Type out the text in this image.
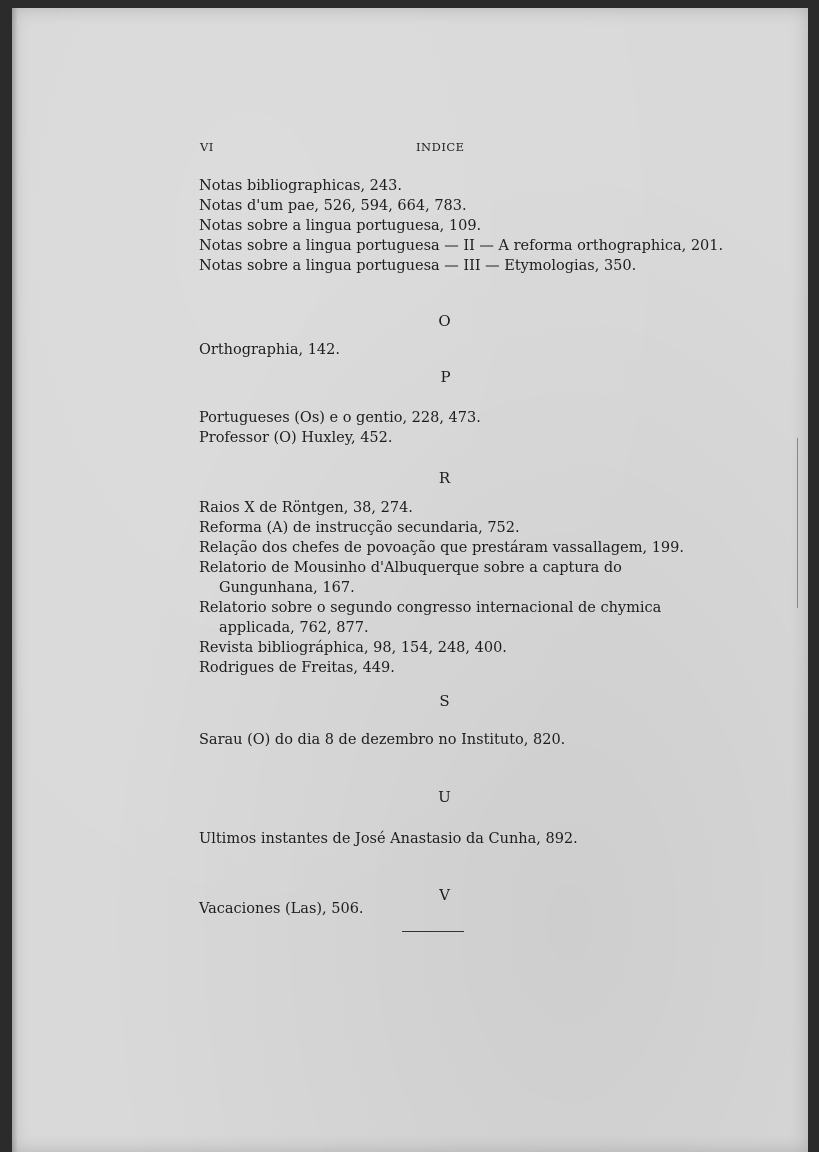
VI	INDICE
Notas bibliographicas, 243.
Notas d'um pae, 526, 594, 664, 783.
Notas sobre a lingua portuguesa, 109.
Notas sobre a lingua portuguesa — II — A reforma orthographica, 201.
Notas sobre a lingua portuguesa — III — Etymologias, 350.
O
Orthographia, 142.
P
Portugueses (Os) e o gentio, 228, 473.
Professor (O) Huxley, 452.
R
Raios X de Röntgen, 38, 274.
Reforma (A) de instrucção secundaria, 752.
Relação dos chefes de povoação que prestáram vassallagem, 199.
Relatorio de Mousinho d'Albuquerque sobre a captura do Gungunhana, 167.
Relatorio sobre o segundo congresso internacional de chymica applicada, 762, 877.
Revista bibliográphica, 98, 154, 248, 400.
Rodrigues de Freitas, 449.
S
Sarau (O) do dia 8 de dezembro no Instituto, 820.
U
Ultimos instantes de José Anastasio da Cunha, 892.
V
Vacaciones (Las), 506.
